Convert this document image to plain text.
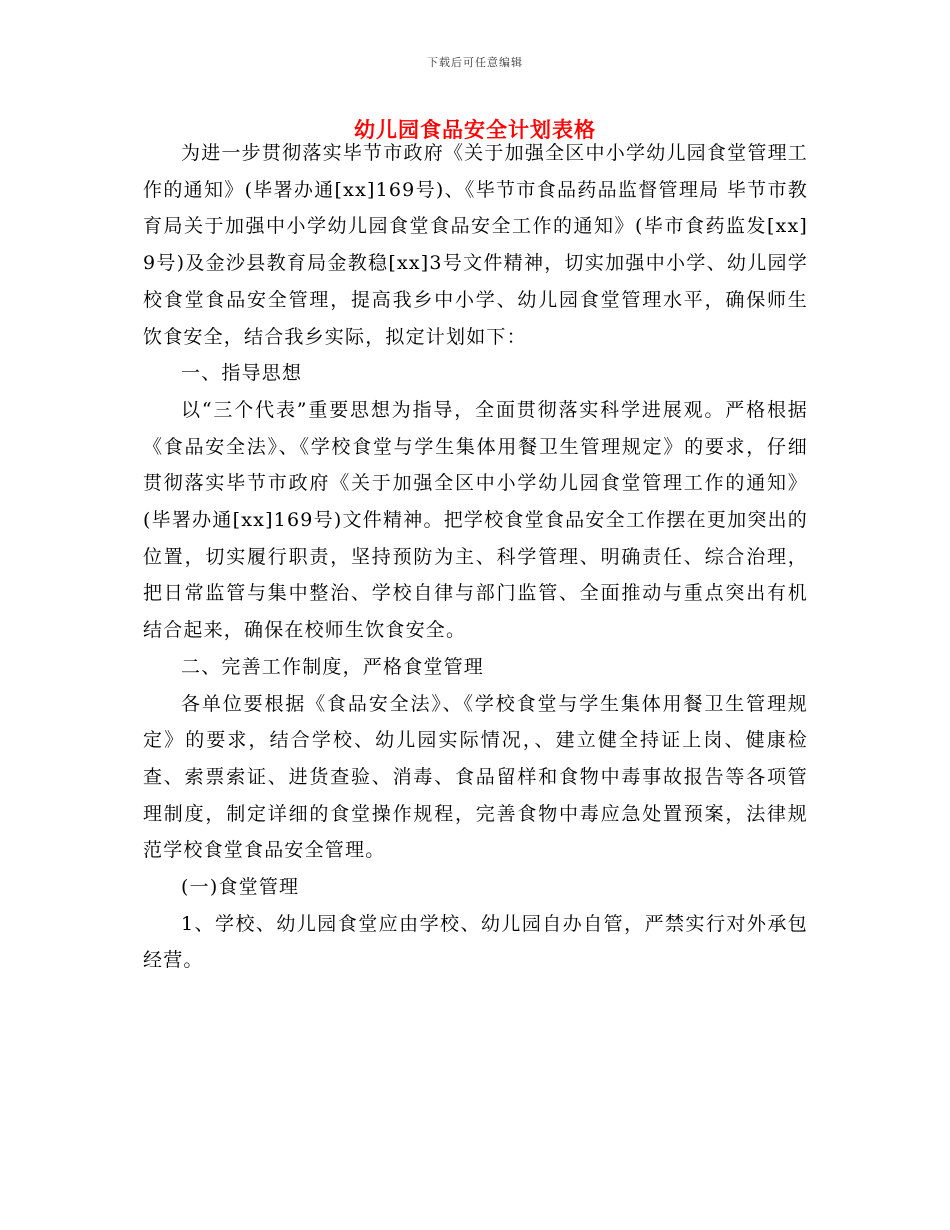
下载后可任意编辑
幼儿园食品安全计划表格

为进一步贯彻落实毕节市政府《关于加强全区中小学幼儿园食堂管理工作的通知》(毕署办通[xx]169号)、《毕节市食品药品监督管理局 毕节市教育局关于加强中小学幼儿园食堂食品安全工作的通知》(毕市食药监发[xx]9号)及金沙县教育局金教稳[xx]3号文件精神，切实加强中小学、幼儿园学校食堂食品安全管理，提高我乡中小学、幼儿园食堂管理水平，确保师生饮食安全，结合我乡实际，拟定计划如下：

一、指导思想

以“三个代表”重要思想为指导，全面贯彻落实科学进展观。严格根据《食品安全法》、《学校食堂与学生集体用餐卫生管理规定》的要求，仔细贯彻落实毕节市政府《关于加强全区中小学幼儿园食堂管理工作的通知》(毕署办通[xx]169号)文件精神。把学校食堂食品安全工作摆在更加突出的位置，切实履行职责，坚持预防为主、科学管理、明确责任、综合治理，把日常监管与集中整治、学校自律与部门监管、全面推动与重点突出有机结合起来，确保在校师生饮食安全。

二、完善工作制度，严格食堂管理

各单位要根据《食品安全法》、《学校食堂与学生集体用餐卫生管理规定》的要求，结合学校、幼儿园实际情况，、建立健全持证上岗、健康检查、索票索证、进货查验、消毒、食品留样和食物中毒事故报告等各项管理制度，制定详细的食堂操作规程，完善食物中毒应急处置预案，法律规范学校食堂食品安全管理。

(一)食堂管理

1、学校、幼儿园食堂应由学校、幼儿园自办自管，严禁实行对外承包经营。
